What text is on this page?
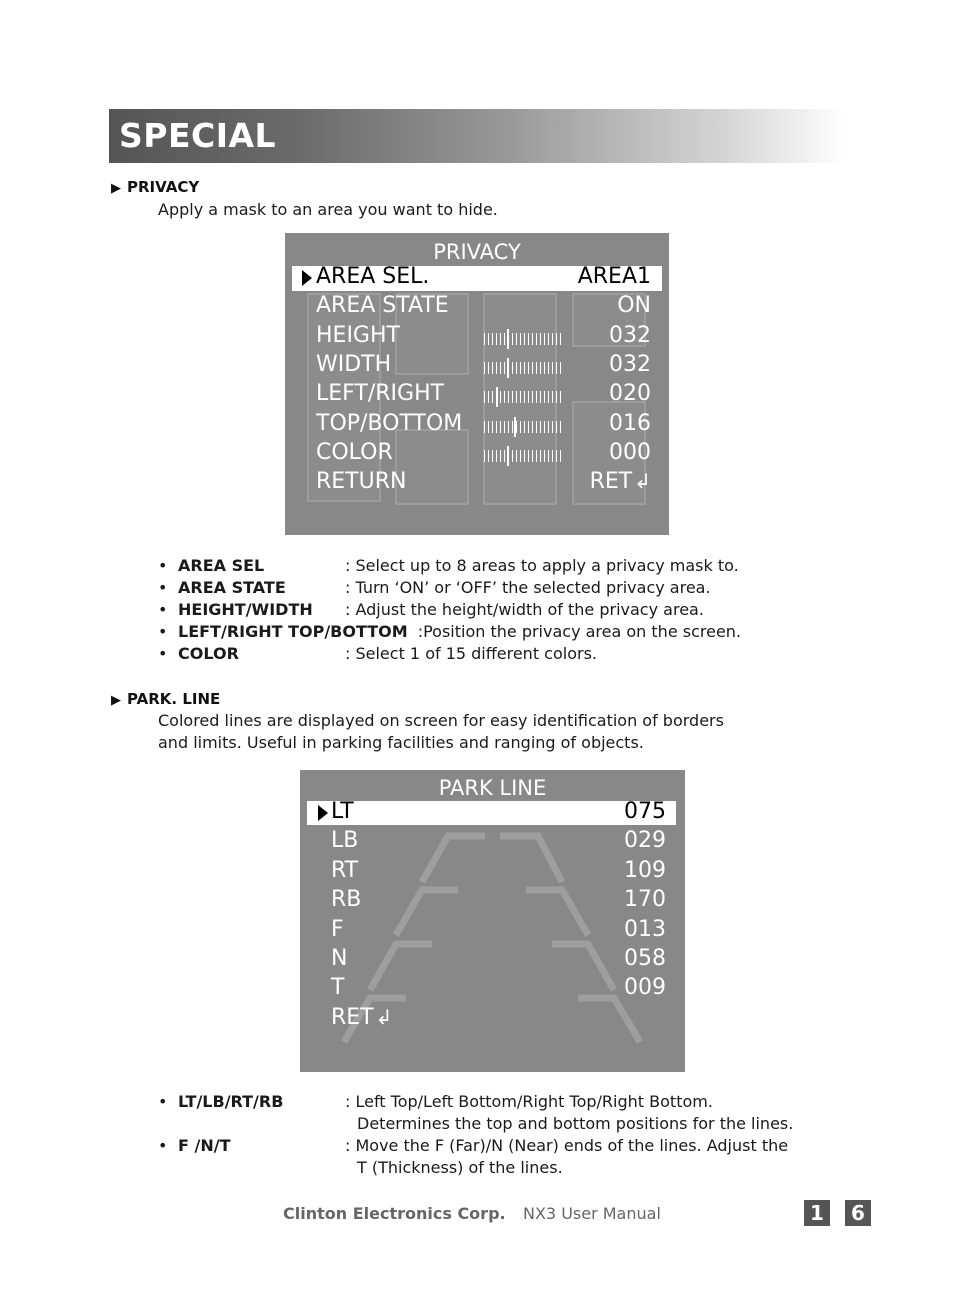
SPECIAL
▶ PRIVACY
Apply a mask to an area you want to hide.
PRIVACY
AREA SEL.	AREA1
AREA STATE	ON
HEIGHT	032
WIDTH	032
LEFT/RIGHT	020
TOP/BOTTOM	016
COLOR	000
RETURN	RET ↲
• AREA SEL	: Select up to 8 areas to apply a privacy mask to.
• AREA STATE	: Turn ‘ON’ or ‘OFF’ the selected privacy area.
• HEIGHT/WIDTH : Adjust the height/width of the privacy area.
• LEFT/RIGHT TOP/BOTTOM :Position the privacy area on the screen.
• COLOR	: Select 1 of 15 different colors.
▶ PARK. LINE
Colored lines are displayed on screen for easy identification of borders
and limits. Useful in parking facilities and ranging of objects.
PARK LINE
LT	075
LB	029
RT	109
RB	170
F	013
N	058
T	009
RET ↲
• LT/LB/RT/RB	: Left Top/Left Bottom/Right Top/Right Bottom.
Determines the top and bottom positions for the lines.
• F /N/T	: Move the F (Far)/N (Near) ends of the lines. Adjust the
T (Thickness) of the lines.
Clinton Electronics Corp. NX3 User Manual	1	6
